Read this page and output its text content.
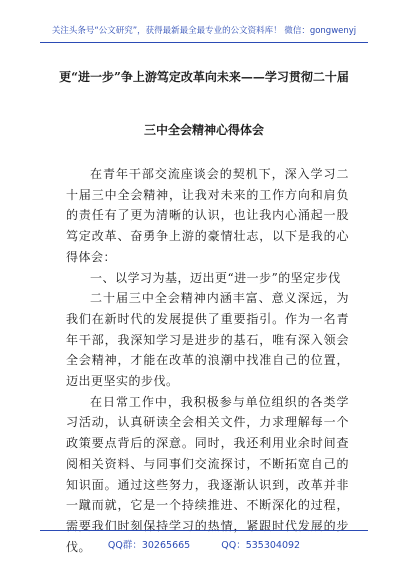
关注头条号“公文研究”，获得最新最全最专业的公文资料库！ 微信：gongwenyj
更“进一步”争上游笃定改革向未来——学习贯彻二十届
三中全会精神心得体会

在青年干部交流座谈会的契机下，深入学习二十届三中全会精神，让我对未来的工作方向和肩负的责任有了更为清晰的认识，也让我内心涌起一股笃定改革、奋勇争上游的豪情壮志，以下是我的心得体会：

一、以学习为基，迈出更“进一步”的坚定步伐

二十届三中全会精神内涵丰富、意义深远，为我们在新时代的发展提供了重要指引。作为一名青年干部，我深知学习是进步的基石，唯有深入领会全会精神，才能在改革的浪潮中找准自己的位置，迈出更坚实的步伐。

在日常工作中，我积极参与单位组织的各类学习活动，认真研读全会相关文件，力求理解每一个政策要点背后的深意。同时，我还利用业余时间查阅相关资料、与同事们交流探讨，不断拓宽自己的知识面。通过这些努力，我逐渐认识到，改革并非一蹴而就，它是一个持续推进、不断深化的过程，需要我们时刻保持学习的热情，紧跟时代发展的步伐。	QQ群：30265665	QQ：535304092
